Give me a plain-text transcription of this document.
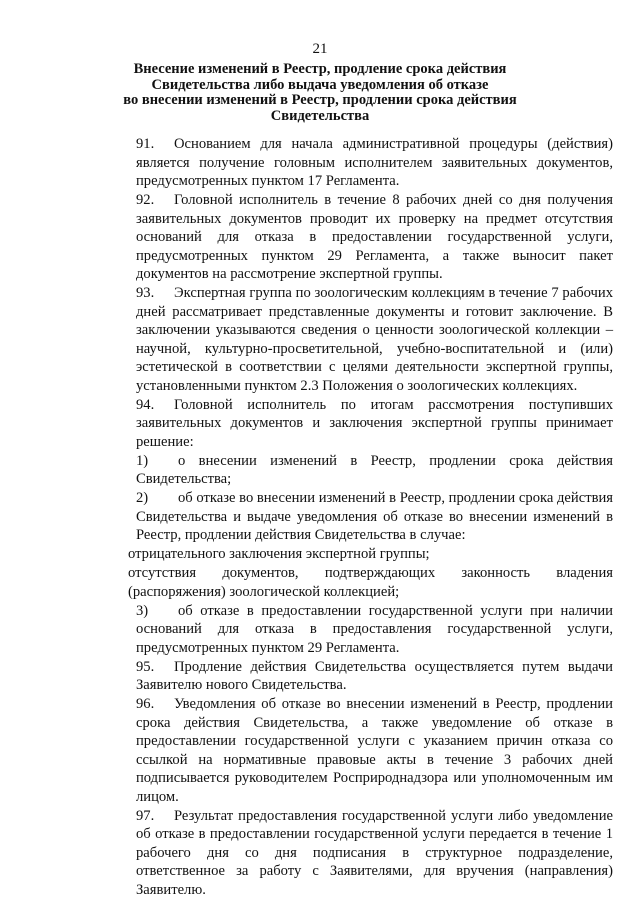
21
Внесение изменений в Реестр, продление срока действия
Свидетельства либо выдача уведомления об отказе
во внесении изменений в Реестр, продлении срока действия
Свидетельства

91. Основанием для начала административной процедуры (действия) является получение головным исполнителем заявительных документов, предусмотренных пунктом 17 Регламента.

92. Головной исполнитель в течение 8 рабочих дней со дня получения заявительных документов проводит их проверку на предмет отсутствия оснований для отказа в предоставлении государственной услуги, предусмотренных пунктом 29 Регламента, а также выносит пакет документов на рассмотрение экспертной группы.

93. Экспертная группа по зоологическим коллекциям в течение 7 рабочих дней рассматривает представленные документы и готовит заключение. В заключении указываются сведения о ценности зоологической коллекции – научной, культурно-просветительной, учебно-воспитательной и (или) эстетической в соответствии с целями деятельности экспертной группы, установленными пунктом 2.3 Положения о зоологических коллекциях.

94. Головной исполнитель по итогам рассмотрения поступивших заявительных документов и заключения экспертной группы принимает решение:

1) о внесении изменений в Реестр, продлении срока действия Свидетельства;

2) об отказе во внесении изменений в Реестр, продлении срока действия Свидетельства и выдаче уведомления об отказе во внесении изменений в Реестр, продлении действия Свидетельства в случае:

отрицательного заключения экспертной группы;

отсутствия документов, подтверждающих законность владения (распоряжения) зоологической коллекцией;

3) об отказе в предоставлении государственной услуги при наличии оснований для отказа в предоставления государственной услуги, предусмотренных пунктом 29 Регламента.

95. Продление действия Свидетельства осуществляется путем выдачи Заявителю нового Свидетельства.

96. Уведомления об отказе во внесении изменений в Реестр, продлении срока действия Свидетельства, а также уведомление об отказе в предоставлении государственной услуги с указанием причин отказа со ссылкой на нормативные правовые акты в течение 3 рабочих дней подписывается руководителем Росприроднадзора или уполномоченным им лицом.

97. Результат предоставления государственной услуги либо уведомление об отказе в предоставлении государственной услуги передается в течение 1 рабочего дня со дня подписания в структурное подразделение, ответственное за работу с Заявителями, для вручения (направления) Заявителю.
